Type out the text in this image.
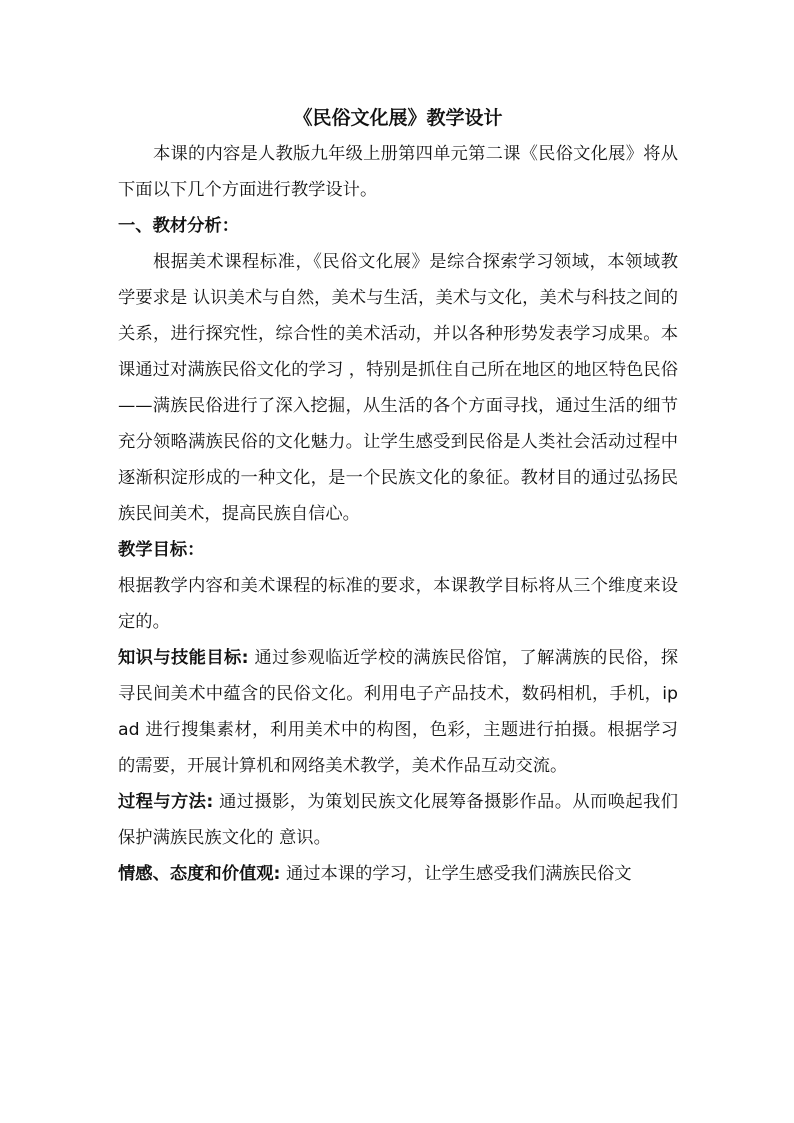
《民俗文化展》教学设计

本课的内容是人教版九年级上册第四单元第二课《民俗文化展》将从下面以下几个方面进行教学设计。

一、教材分析：

根据美术课程标准，《民俗文化展》是综合探索学习领域，本领域教学要求是 认识美术与自然，美术与生活，美术与文化，美术与科技之间的关系，进行探究性，综合性的美术活动，并以各种形势发表学习成果。本课通过对满族民俗文化的学习 ，特别是抓住自己所在地区的地区特色民俗——满族民俗进行了深入挖掘，从生活的各个方面寻找，通过生活的细节充分领略满族民俗的文化魅力。让学生感受到民俗是人类社会活动过程中逐渐积淀形成的一种文化，是一个民族文化的象征。教材目的通过弘扬民族民间美术，提高民族自信心。

教学目标：

根据教学内容和美术课程的标准的要求，本课教学目标将从三个维度来设定的。

知识与技能目标: 通过参观临近学校的满族民俗馆，了解满族的民俗，探寻民间美术中蕴含的民俗文化。利用电子产品技术，数码相机，手机，ipad 进行搜集素材，利用美术中的构图，色彩，主题进行拍摄。根据学习的需要，开展计算机和网络美术教学，美术作品互动交流。

过程与方法: 通过摄影，为策划民族文化展筹备摄影作品。从而唤起我们保护满族民族文化的 意识。

情感、态度和价值观: 通过本课的学习，让学生感受我们满族民俗文
